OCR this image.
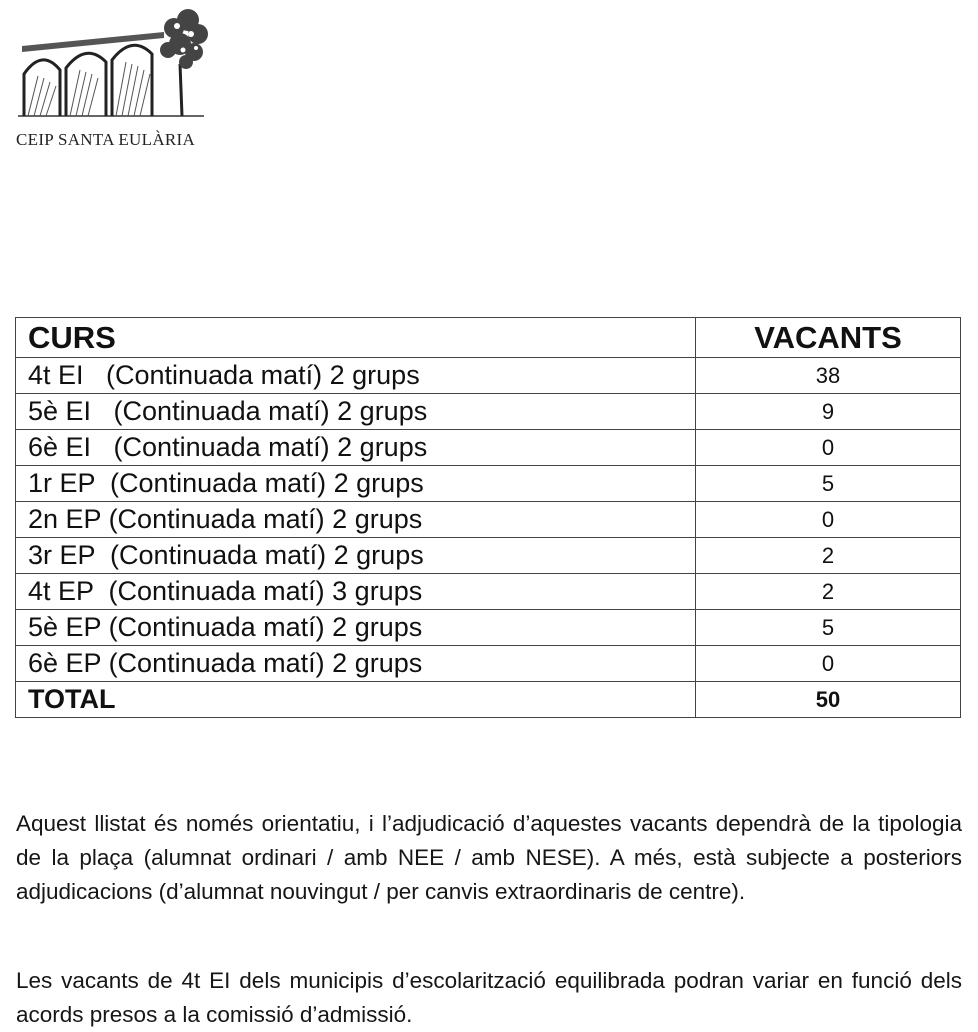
CEIP SANTA EULÀRIA
CURS	VACANTS
4t EI   (Continuada matí) 2 grups	38
5è EI   (Continuada matí) 2 grups	9
6è EI   (Continuada matí) 2 grups	0
1r EP  (Continuada matí) 2 grups	5
2n EP (Continuada matí) 2 grups	0
3r EP  (Continuada matí) 2 grups	2
4t EP  (Continuada matí) 3 grups	2
5è EP (Continuada matí) 2 grups	5
6è EP (Continuada matí) 2 grups	0
TOTAL	50

Aquest llistat és només orientatiu, i l’adjudicació d’aquestes vacants dependrà de la tipologia de la plaça (alumnat ordinari / amb NEE / amb NESE). A més, està subjecte a posteriors adjudicacions (d’alumnat nouvingut / per canvis extraordinaris de centre).

Les vacants de 4t EI dels municipis d’escolarització equilibrada podran variar en funció dels acords presos a la comissió d’admissió.
